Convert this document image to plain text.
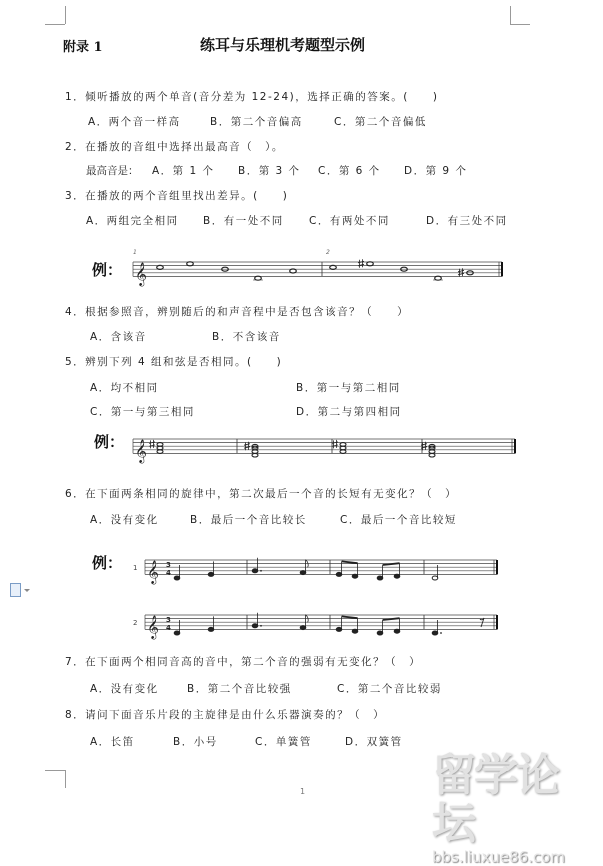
附录 1	练耳与乐理机考题型示例
1．倾听播放的两个单音(音分差为 12-24)，选择正确的答案。(　　)
A．两个音一样高	B．第二个音偏高	C．第二个音偏低
2．在播放的音组中选择出最高音（　）。
最高音是： A．第 1 个 B．第 3 个 C．第 6 个 D．第 9 个
3．在播放的两个音组里找出差异。(　　)
A．两组完全相同 B．有一处不同 C．有两处不同	D．有三处不同
例：
4．根据参照音，辨别随后的和声音程中是否包含该音？（　　）
A．含该音	B．不含该音
5．辨别下列 4 组和弦是否相同。(　　)
A．均不相同	B．第一与第二相同
C．第一与第三相同	D．第二与第四相同
例：
6．在下面两条相同的旋律中，第二次最后一个音的长短有无变化？（　）
A．没有变化	B．最后一个音比较长	C．最后一个音比较短
例：
7．在下面两个相同音高的音中，第二个音的强弱有无变化？（　）
A．没有变化	B．第二个音比较强	C．第二个音比较弱
8．请问下面音乐片段的主旋律是由什么乐器演奏的？（　）
A．长笛	B．小号	C．单簧管	D．双簧管
𝄞
1	2
𝄞
𝄞
1	3
4
𝄞
2	3
4
1	留学论坛
bbs.liuxue86.com
